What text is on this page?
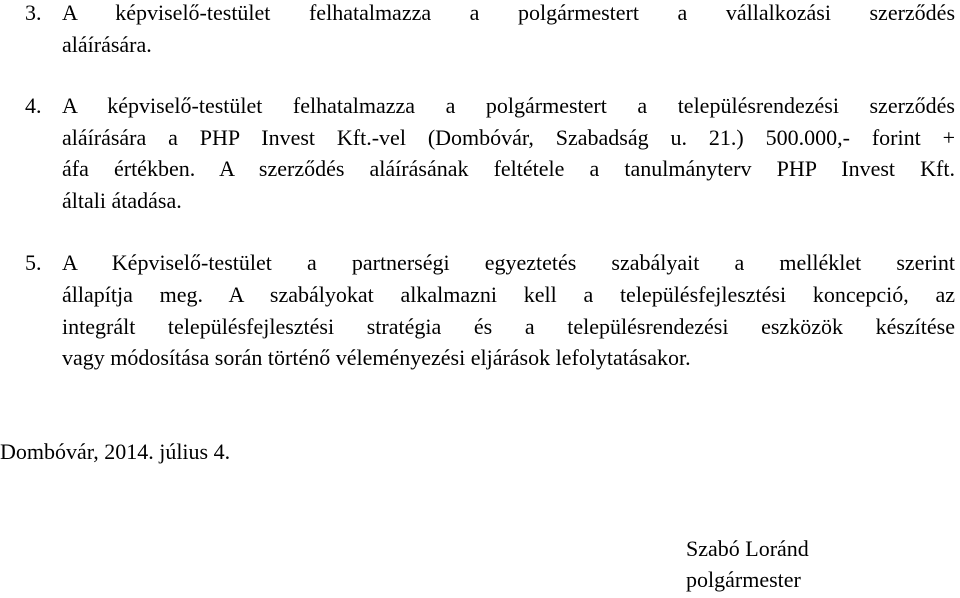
3. A képviselő-testület felhatalmazza a polgármestert a vállalkozási szerződés
aláírására.
4. A képviselő-testület felhatalmazza a polgármestert a településrendezési szerződés
aláírására a PHP Invest Kft.-vel (Dombóvár, Szabadság u. 21.) 500.000,- forint +
áfa értékben. A szerződés aláírásának feltétele a tanulmányterv PHP Invest Kft.
általi átadása.
5. A Képviselő-testület a partnerségi egyeztetés szabályait a melléklet szerint
állapítja meg. A szabályokat alkalmazni kell a településfejlesztési koncepció, az
integrált településfejlesztési stratégia és a településrendezési eszközök készítése
vagy módosítása során történő véleményezési eljárások lefolytatásakor.
Dombóvár, 2014. július 4.
Szabó Loránd
polgármester
